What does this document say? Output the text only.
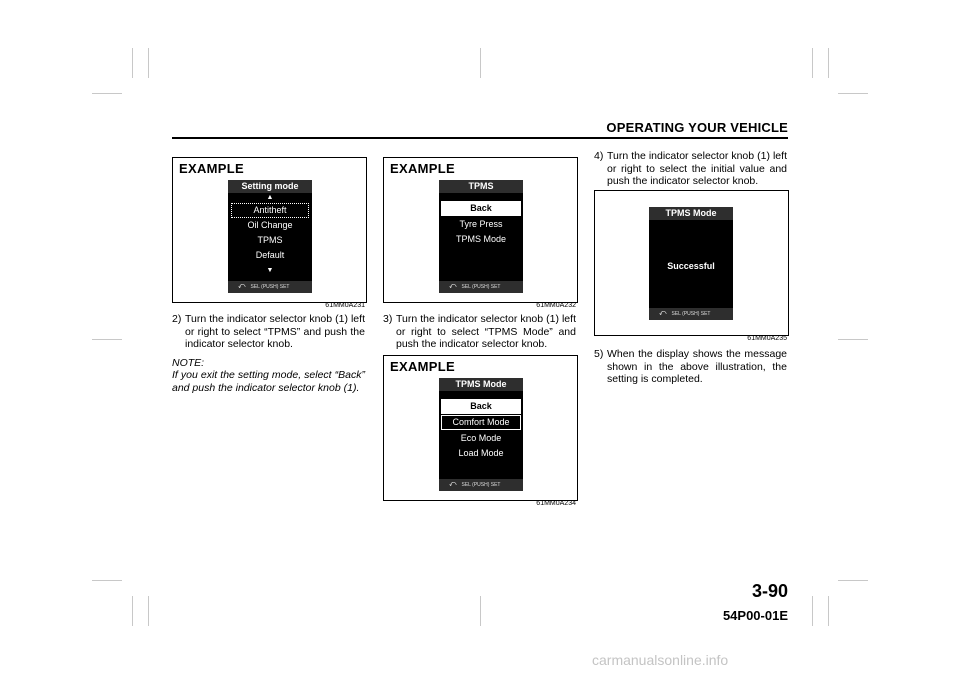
OPERATING YOUR VEHICLE
EXAMPLE
Setting mode
▲
Antitheft
Oil Change
TPMS
Default
▼
⤺	SEL (PUSH) SET
61MM0A231
EXAMPLE
TPMS
Back
Tyre Press
TPMS Mode
⤺	SEL (PUSH) SET
61MM0A232
EXAMPLE
TPMS Mode
Back
Comfort Mode
Eco Mode
Load Mode
⤺	SEL (PUSH) SET
61MM0A234
TPMS Mode
Successful
⤺	SEL (PUSH) SET
61MM0A235
2) Turn the indicator selector knob (1) left or right to select “TPMS” and push the indicator selector knob.
NOTE:
If you exit the setting mode, select “Back” and push the indicator selector knob (1).
3) Turn the indicator selector knob (1) left or right to select “TPMS Mode” and push the indicator selector knob.
4) Turn the indicator selector knob (1) left or right to select the initial value and push the indicator selector knob.
5) When the display shows the message shown in the above illustration, the setting is completed.
3-90
54P00-01E
carmanualsonline.info
